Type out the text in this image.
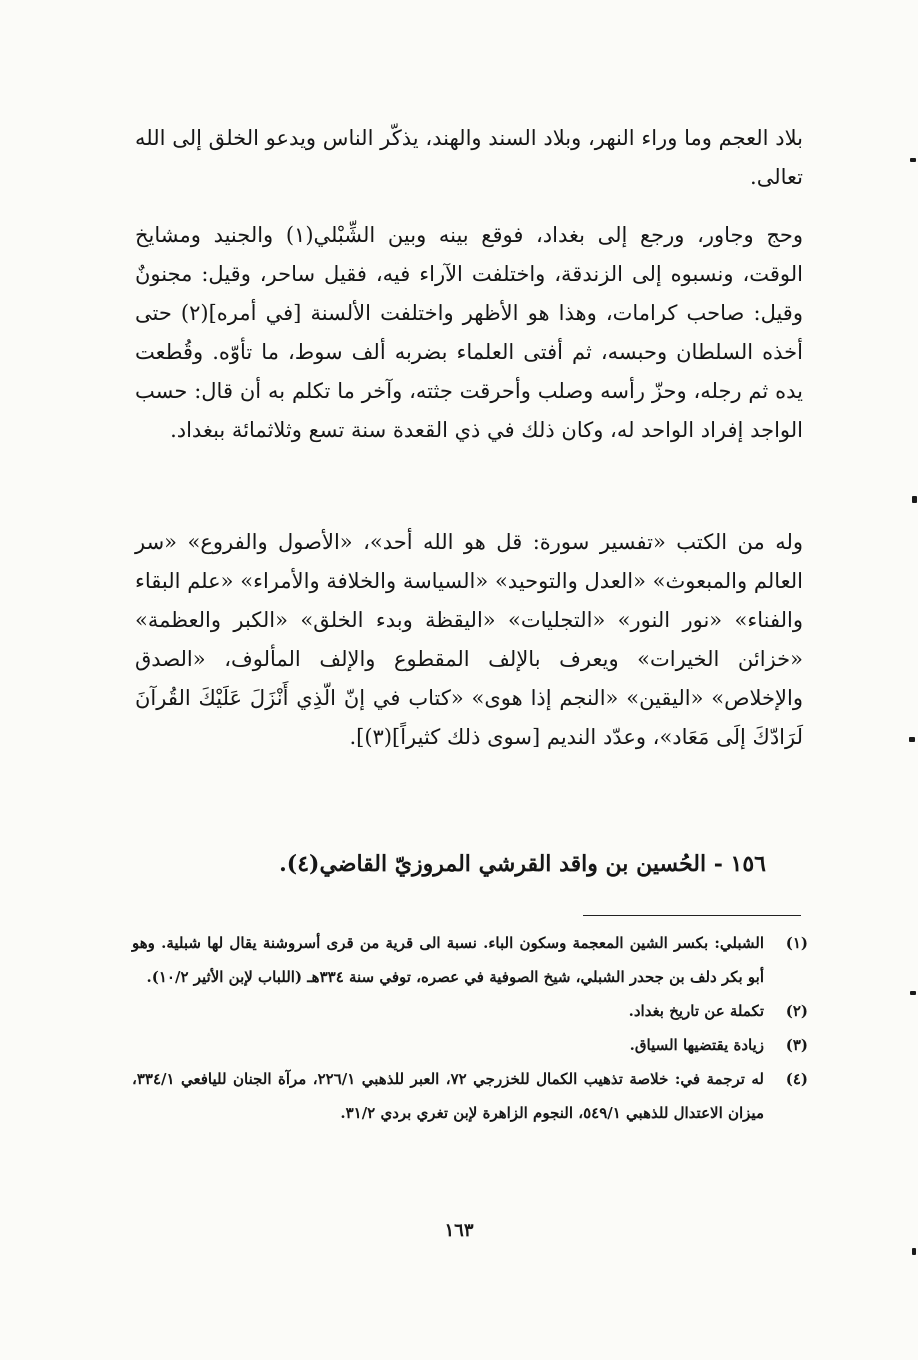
بلاد العجم وما وراء النهر، وبلاد السند والهند، يذكّر الناس ويدعو الخلق إلى الله تعالى.

وحج وجاور، ورجع إلى بغداد، فوقع بينه وبين الشِّبْلي(١) والجنيد ومشايخ الوقت، ونسبوه إلى الزندقة، واختلفت الآراء فيه، فقيل ساحر، وقيل: مجنونٌ وقيل: صاحب كرامات، وهذا هو الأظهر واختلفت الألسنة [في أمره](٢) حتى أخذه السلطان وحبسه، ثم أفتى العلماء بضربه ألف سوط، ما تأوّه. وقُطعت يده ثم رجله، وحزّ رأسه وصلب وأحرقت جثته، وآخر ما تكلم به أن قال: حسب الواجد إفراد الواحد له، وكان ذلك في ذي القعدة سنة تسع وثلاثمائة ببغداد.

وله من الكتب «تفسير سورة: قل هو الله أحد»، «الأصول والفروع» «سر العالم والمبعوث» «العدل والتوحيد» «السياسة والخلافة والأمراء» «علم البقاء والفناء» «نور النور» «التجليات» «اليقظة وبدء الخلق» «الكبر والعظمة» «خزائن الخيرات» ويعرف بالإلف المقطوع والإلف المألوف، «الصدق والإخلاص» «اليقين» «النجم إذا هوى» «كتاب في إنّ الّذِي أَنْزَلَ عَلَيْكَ القُرآنَ لَرَادّكَ إلَى مَعَاد»، وعدّد النديم [سوى ذلك كثيراً](٣)].

١٥٦ - الحُسين بن واقد القرشي المروزيّ القاضي(٤).
(١)
الشبلي: بكسر الشين المعجمة وسكون الباء. نسبة الى قرية من قرى أسروشنة يقال لها شبلية. وهو أبو بكر دلف بن جحدر الشبلي، شيخ الصوفية في عصره، توفي سنة ٣٣٤هـ (اللباب لإبن الأثير ١٠/٢).
(٢)
تكملة عن تاريخ بغداد.
(٣)
زيادة يقتضيها السياق.
(٤)
له ترجمة في: خلاصة تذهيب الكمال للخزرجي ٧٢، العبر للذهبي ٢٢٦/١، مرآة الجنان لليافعي ٣٣٤/١، ميزان الاعتدال للذهبي ٥٤٩/١، النجوم الزاهرة لإبن تغري بردي ٣١/٢.
١٦٣
